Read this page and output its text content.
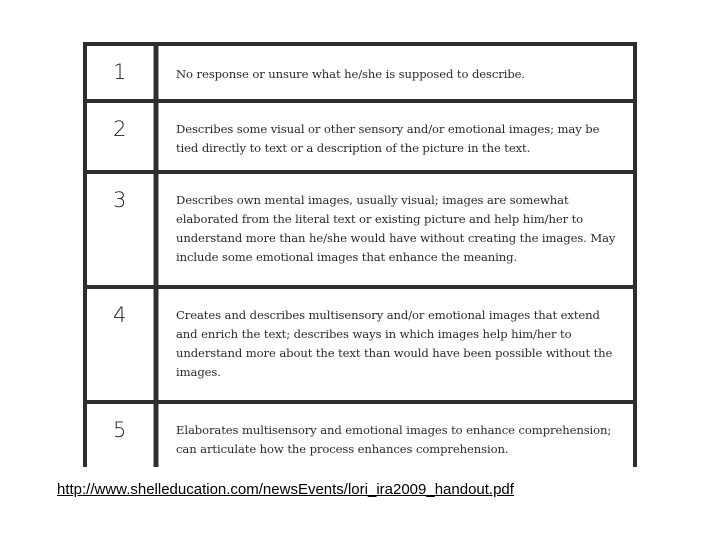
1	No response or unsure what he/she is supposed to describe.
2	Describes some visual or other sensory and/or emotional images; may be tied directly to text or a description of the picture in the text.
3	Describes own mental images, usually visual; images are somewhat elaborated from the literal text or existing picture and help him/her to understand more than he/she would have without creating the images. May include some emotional images that enhance the meaning.
4	Creates and describes multisensory and/or emotional images that extend and enrich the text; describes ways in which images help him/her to understand more about the text than would have been possible without the images.
5	Elaborates multisensory and emotional images to enhance comprehension; can articulate how the process enhances comprehension.
http://www.shelleducation.com/newsEvents/lori_ira2009_handout.pdf
